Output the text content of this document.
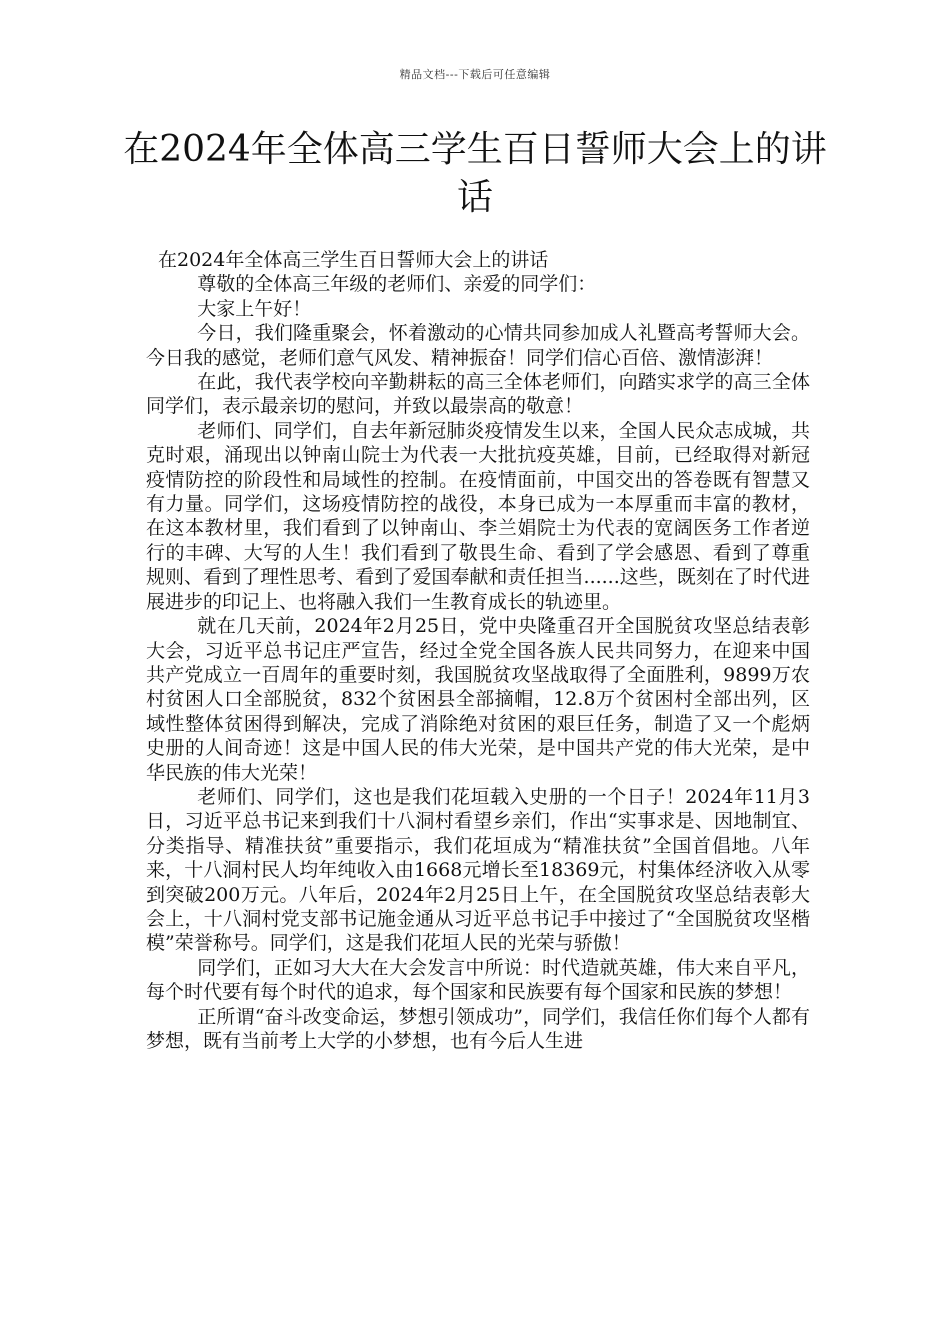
精品文档---下载后可任意编辑
在2024年全体高三学生百日誓师大会上的讲话

在2024年全体高三学生百日誓师大会上的讲话

尊敬的全体高三年级的老师们、亲爱的同学们：

大家上午好！

今日，我们隆重聚会，怀着激动的心情共同参加成人礼暨高考誓师大会。今日我的感觉，老师们意气风发、精神振奋！同学们信心百倍、激情澎湃！

在此，我代表学校向辛勤耕耘的高三全体老师们，向踏实求学的高三全体同学们，表示最亲切的慰问，并致以最崇高的敬意！

老师们、同学们，自去年新冠肺炎疫情发生以来，全国人民众志成城，共克时艰，涌现出以钟南山院士为代表一大批抗疫英雄，目前，已经取得对新冠疫情防控的阶段性和局域性的控制。在疫情面前，中国交出的答卷既有智慧又有力量。同学们，这场疫情防控的战役，本身已成为一本厚重而丰富的教材，在这本教材里，我们看到了以钟南山、李兰娟院士为代表的宽阔医务工作者逆行的丰碑、大写的人生！我们看到了敬畏生命、看到了学会感恩、看到了尊重规则、看到了理性思考、看到了爱国奉献和责任担当......这些，既刻在了时代进展进步的印记上、也将融入我们一生教育成长的轨迹里。

就在几天前，2024年2月25日，党中央隆重召开全国脱贫攻坚总结表彰大会，习近平总书记庄严宣告，经过全党全国各族人民共同努力，在迎来中国共产党成立一百周年的重要时刻，我国脱贫攻坚战取得了全面胜利，9899万农村贫困人口全部脱贫，832个贫困县全部摘帽，12.8万个贫困村全部出列，区域性整体贫困得到解决，完成了消除绝对贫困的艰巨任务，制造了又一个彪炳史册的人间奇迹！这是中国人民的伟大光荣，是中国共产党的伟大光荣，是中华民族的伟大光荣！

老师们、同学们，这也是我们花垣载入史册的一个日子！2024年11月3日，习近平总书记来到我们十八洞村看望乡亲们，作出“实事求是、因地制宜、分类指导、精准扶贫”重要指示，我们花垣成为“精准扶贫”全国首倡地。八年来，十八洞村民人均年纯收入由1668元增长至18369元，村集体经济收入从零到突破200万元。八年后，2024年2月25日上午，在全国脱贫攻坚总结表彰大会上，十八洞村党支部书记施金通从习近平总书记手中接过了“全国脱贫攻坚楷模”荣誉称号。同学们，这是我们花垣人民的光荣与骄傲！

同学们，正如习大大在大会发言中所说：时代造就英雄，伟大来自平凡，每个时代要有每个时代的追求，每个国家和民族要有每个国家和民族的梦想！

正所谓“奋斗改变命运，梦想引领成功”，同学们，我信任你们每个人都有梦想，既有当前考上大学的小梦想，也有今后人生进
